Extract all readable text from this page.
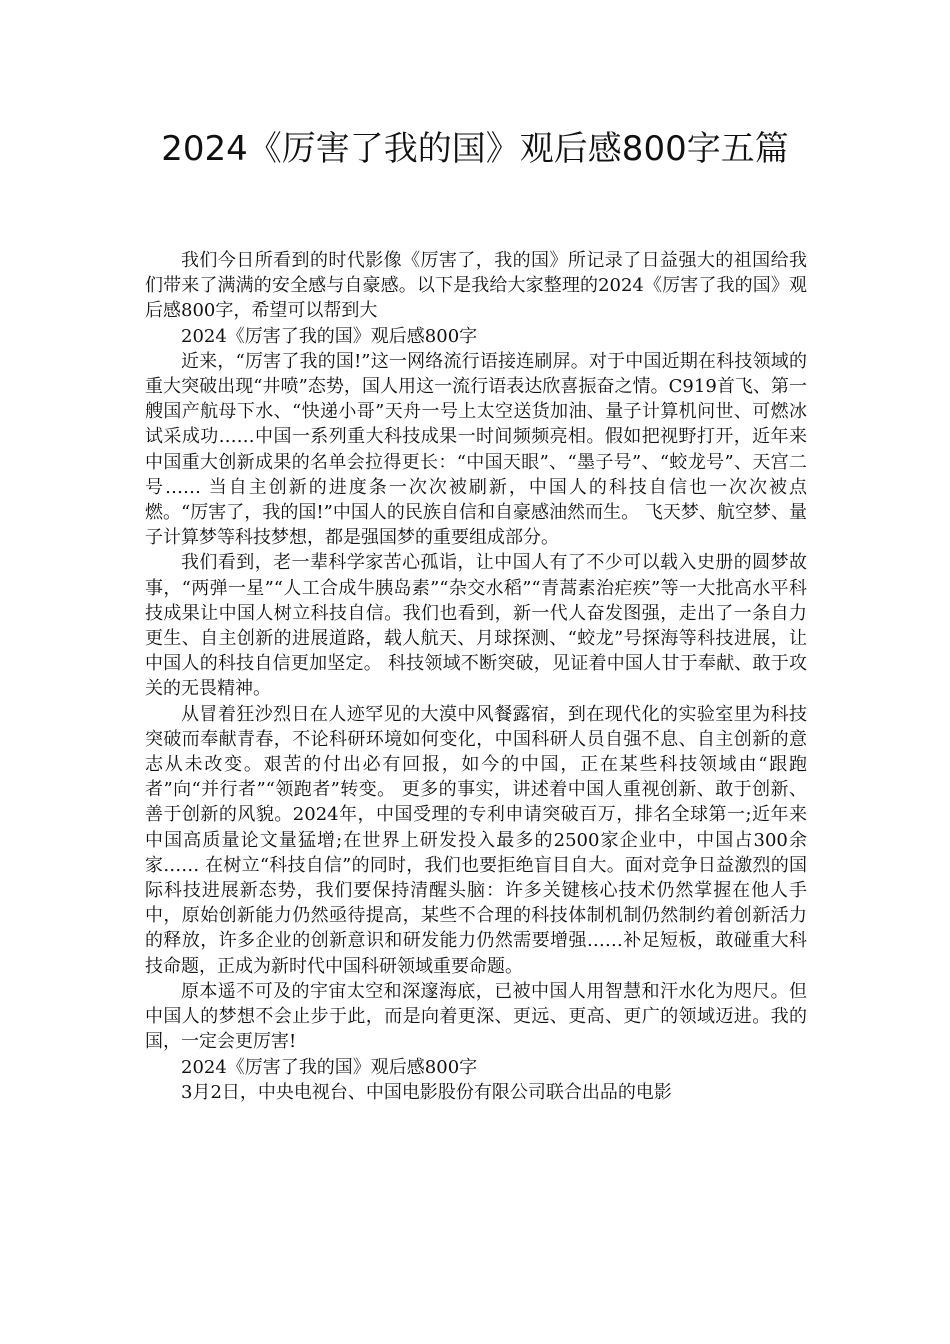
2024《厉害了我的国》观后感800字五篇

我们今日所看到的时代影像《厉害了，我的国》所记录了日益强大的祖国给我们带来了满满的安全感与自豪感。以下是我给大家整理的2024《厉害了我的国》观后感800字，希望可以帮到大

2024《厉害了我的国》观后感800字

近来，“厉害了我的国!”这一网络流行语接连刷屏。对于中国近期在科技领域的重大突破出现“井喷”态势，国人用这一流行语表达欣喜振奋之情。C919首飞、第一艘国产航母下水、“快递小哥”天舟一号上太空送货加油、量子计算机问世、可燃冰试采成功……中国一系列重大科技成果一时间频频亮相。假如把视野打开，近年来中国重大创新成果的名单会拉得更长：“中国天眼”、“墨子号”、“蛟龙号”、天宫二号…… 当自主创新的进度条一次次被刷新，中国人的科技自信也一次次被点燃。“厉害了，我的国!”中国人的民族自信和自豪感油然而生。 飞天梦、航空梦、量子计算梦等科技梦想，都是强国梦的重要组成部分。

我们看到，老一辈科学家苦心孤诣，让中国人有了不少可以载入史册的圆梦故事，“两弹一星”“人工合成牛胰岛素”“杂交水稻”“青蒿素治疟疾”等一大批高水平科技成果让中国人树立科技自信。我们也看到，新一代人奋发图强，走出了一条自力更生、自主创新的进展道路，载人航天、月球探测、“蛟龙”号探海等科技进展，让中国人的科技自信更加坚定。 科技领域不断突破，见证着中国人甘于奉献、敢于攻关的无畏精神。

从冒着狂沙烈日在人迹罕见的大漠中风餐露宿，到在现代化的实验室里为科技突破而奉献青春，不论科研环境如何变化，中国科研人员自强不息、自主创新的意志从未改变。艰苦的付出必有回报，如今的中国，正在某些科技领域由“跟跑者”向“并行者”“领跑者”转变。 更多的事实，讲述着中国人重视创新、敢于创新、善于创新的风貌。2024年，中国受理的专利申请突破百万，排名全球第一;近年来中国高质量论文量猛增;在世界上研发投入最多的2500家企业中，中国占300余家…… 在树立“科技自信”的同时，我们也要拒绝盲目自大。面对竞争日益激烈的国际科技进展新态势，我们要保持清醒头脑：许多关键核心技术仍然掌握在他人手中，原始创新能力仍然亟待提高，某些不合理的科技体制机制仍然制约着创新活力的释放，许多企业的创新意识和研发能力仍然需要增强……补足短板，敢碰重大科技命题，正成为新时代中国科研领域重要命题。

原本遥不可及的宇宙太空和深邃海底，已被中国人用智慧和汗水化为咫尺。但中国人的梦想不会止步于此，而是向着更深、更远、更高、更广的领域迈进。我的国，一定会更厉害!

2024《厉害了我的国》观后感800字

3月2日，中央电视台、中国电影股份有限公司联合出品的电影
